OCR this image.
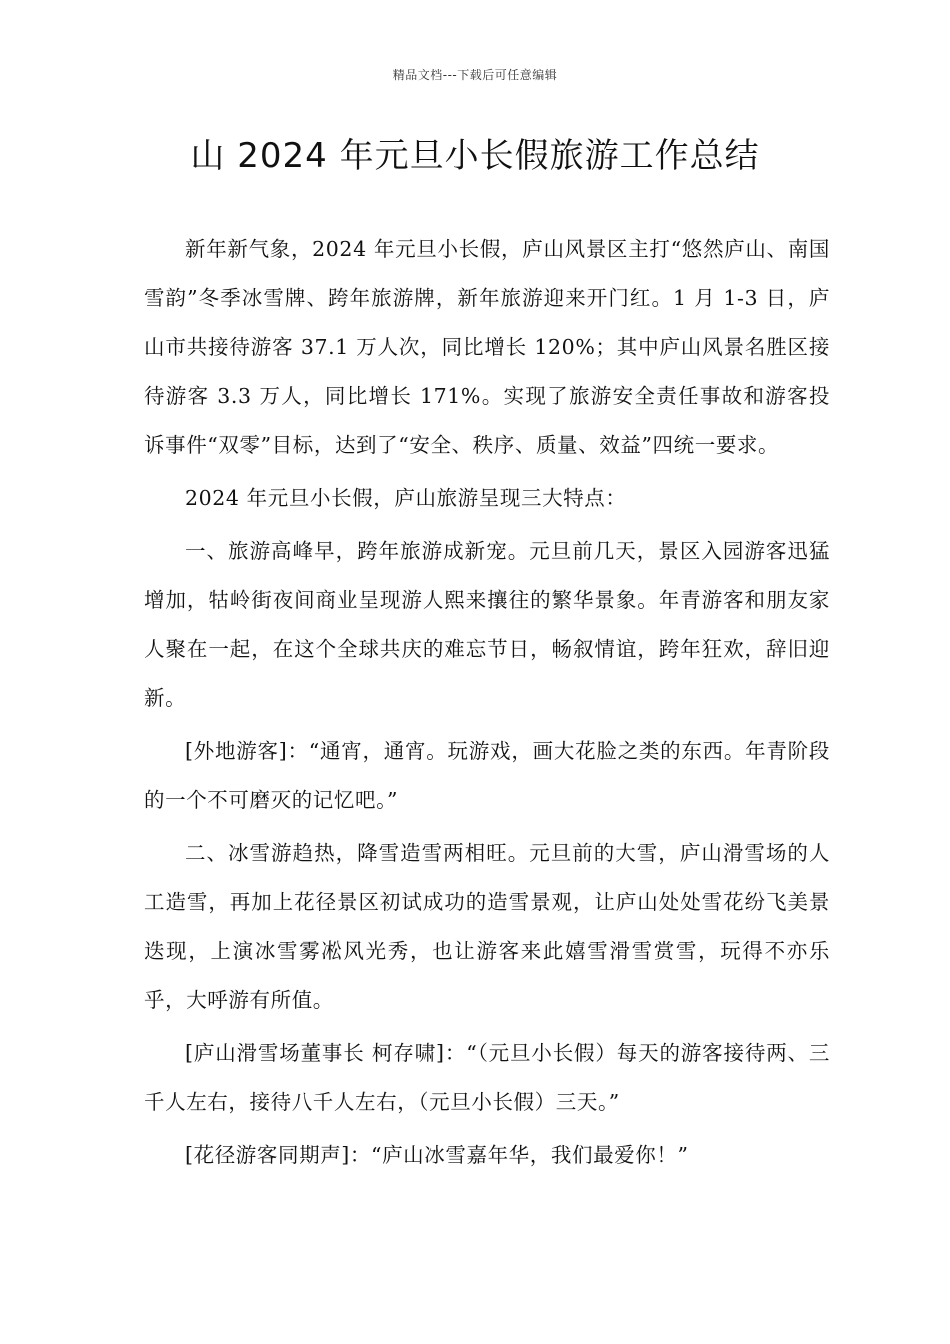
精品文档---下载后可任意编辑
山 2024 年元旦小长假旅游工作总结

新年新气象，2024 年元旦小长假，庐山风景区主打“悠然庐山、南国雪韵”冬季冰雪牌、跨年旅游牌，新年旅游迎来开门红。1 月 1-3 日，庐山市共接待游客 37.1 万人次，同比增长 120%；其中庐山风景名胜区接待游客 3.3 万人，同比增长 171%。实现了旅游安全责任事故和游客投诉事件“双零”目标，达到了“安全、秩序、质量、效益”四统一要求。

2024 年元旦小长假，庐山旅游呈现三大特点：

一、旅游高峰早，跨年旅游成新宠。元旦前几天，景区入园游客迅猛增加，牯岭街夜间商业呈现游人熙来攘往的繁华景象。年青游客和朋友家人聚在一起，在这个全球共庆的难忘节日，畅叙情谊，跨年狂欢，辞旧迎新。

[外地游客]：“通宵，通宵。玩游戏，画大花脸之类的东西。年青阶段的一个不可磨灭的记忆吧。”

二、冰雪游趋热，降雪造雪两相旺。元旦前的大雪，庐山滑雪场的人工造雪，再加上花径景区初试成功的造雪景观，让庐山处处雪花纷飞美景迭现，上演冰雪雾凇风光秀，也让游客来此嬉雪滑雪赏雪，玩得不亦乐乎，大呼游有所值。

[庐山滑雪场董事长 柯存啸]：“（元旦小长假）每天的游客接待两、三千人左右，接待八千人左右，（元旦小长假）三天。”

[花径游客同期声]：“庐山冰雪嘉年华，我们最爱你！”
